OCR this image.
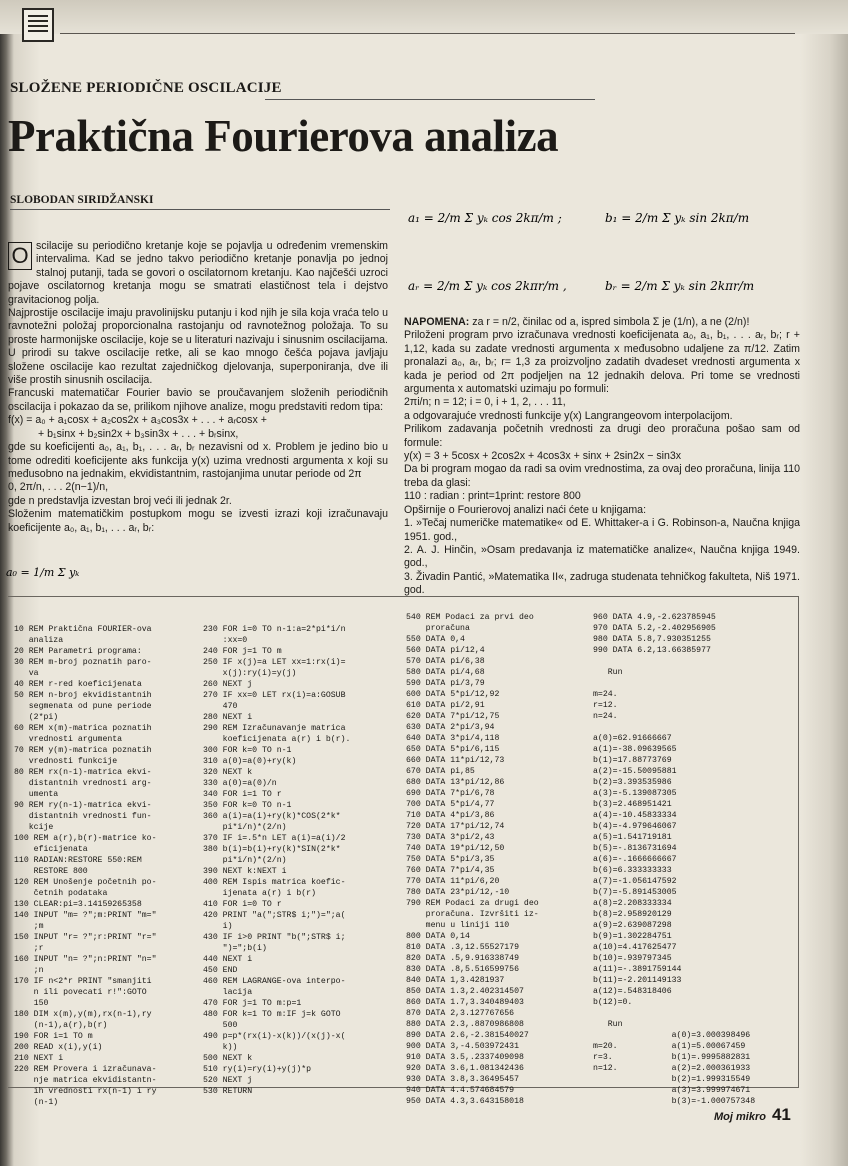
SLOŽENE PERIODIČNE OSCILACIJE
Praktična Fourierova analiza
SLOBODAN SIRIDŽANSKI
O scilacije su periodično kretanje koje se pojavlja u određenim vremenskim intervalima. Kad se jedno takvo periodično kretanje ponavlja po jednoj stalnoj putanji, tada se govori o oscilatornom kretanju. Kao najčešći uzroci pojave oscilatornog kretanja mogu se smatrati elastičnost tela i dejstvo gravitacionog polja.

Najprostije oscilacije imaju pravolinijsku putanju i kod njih je sila koja vraća telo u ravnotežni položaj proporcionalna rastojanju od ravnotežnog položaja. To su proste harmonijske oscilacije, koje se u literaturi nazivaju i sinusnim oscilacijama. U prirodi su takve oscilacije retke, ali se kao mnogo češća pojava javljaju složene oscilacije kao rezultat zajedničkog djelovanja, superponiranja, dve ili više prostih sinusnih oscilacija.

Francuski matematičar Fourier bavio se proučavanjem složenih periodičnih oscilacija i pokazao da se, prilikom njihove analize, mogu predstaviti redom tipa:

f(x) = a₀ + a₁cosx + a₂cos2x + a₃cos3x + . . . + aᵣcosx +

+ b₁sinx + b₂sin2x + b₃sin3x + . . . + bᵣsinx,

gde su koeficijenti a₀, a₁, b₁, . . . aᵣ, bᵣ nezavisni od x. Problem je jedino bio u tome odrediti koeficijente aks funkcija y(x) uzima vrednosti argumenta x koji su međusobno na jednakim, ekvidistantnim, rastojanjima unutar periode od 2π

0, 2π/n, . . . 2(n−1)/n,

gde n predstavlja izvestan broj veći ili jednak 2r.

Složenim matematičkim postupkom mogu se izvesti izrazi koji izračunavaju koeficijente a₀, a₁, b₁, . . . aᵣ, bᵣ:

a₀ = 1/m Σ yₖ
a₁ = 2/m Σ yₖ cos 2kπ/m ;	b₁ = 2/m Σ yₖ sin 2kπ/m
aᵣ = 2/m Σ yₖ cos 2kπr/m ,	bᵣ = 2/m Σ yₖ sin 2kπr/m

NAPOMENA: za r = n/2, činilac od a, ispred simbola Σ je (1/n), a ne (2/n)!

Priloženi program prvo izračunava vrednosti koeficijenata a₀, a₁, b₁, . . . aᵣ, bᵣ; r + 1,12, kada su zadate vrednosti argumenta x međusobno udaljene za π/12. Zatim pronalazi a₀, aᵣ, bᵣ; r= 1,3 za proizvoljno zadatih dvadeset vrednosti argumenta x kada je period od 2π podjeljen na 12 jednakih delova. Pri tome se vrednosti argumenta x automatski uzimaju po formuli:

2πi/n; n = 12; i = 0, i + 1, 2, . . . 11,

a odgovarajuće vrednosti funkcije y(x) Langrangeovom interpolacijom.

Prilikom zadavanja početnih vrednosti za drugi deo proračuna pošao sam od formule:

y(x) = 3 + 5cosx + 2cos2x + 4cos3x + sinx + 2sin2x − sin3x

Da bi program mogao da radi sa ovim vrednostima, za ovaj deo proračuna, linija 110 treba da glasi:

110 : radian : print=1print: restore 800

Opširnije o Fourierovoj analizi naći ćete u knjigama:

1. »Tečaj numeričke matematike« od E. Whittaker-a i G. Robinson-a, Naučna knjiga 1951. god.,

2. A. J. Hinčin, »Osam predavanja iz matematičke analize«, Naučna knjiga 1949. god.,

3. Živadin Pantić, »Matematika II«, zadruga studenata tehničkog fakulteta, Niš 1971. god.

10 REM Praktična FOURIER-ova
analiza
20 REM Parametri programa:
30 REM m-broj poznatih paro-
va
40 REM r-red koeficijenata
50 REM n-broj ekvidistantnih
segmenata od pune periode
(2*pi)
60 REM x(m)-matrica poznatih
vrednosti argumenta
70 REM y(m)-matrica poznatih
vrednosti funkcije
80 REM rx(n-1)-matrica ekvi-
distantnih vrednosti arg-
umenta
90 REM ry(n-1)-matrica ekvi-
distantnih vrednosti fun-
kcije
100 REM a(r),b(r)-matrice ko-
eficijenata
110 RADIAN:RESTORE 550:REM
RESTORE 800
120 REM Unošenje početnih po-
četnih podataka
130 CLEAR:pi=3.14159265358
140 INPUT "m= ?";m:PRINT "m="
;m
150 INPUT "r= ?";r:PRINT "r="
;r
160 INPUT "n= ?";n:PRINT "n="
;n
170 IF n<2*r PRINT "smanjiti
n ili povecati r!":GOTO
150
180 DIM x(m),y(m),rx(n-1),ry
(n-1),a(r),b(r)
190 FOR i=1 TO m
200 READ x(i),y(i)
210 NEXT i
220 REM Provera i izračunava-
nje matrica ekvidistantn-
ih vrednosti rx(n-1) i ry
(n-1)
230 FOR i=0 TO n-1:a=2*pi*i/n
:xx=0
240 FOR j=1 TO m
250 IF x(j)=a LET xx=1:rx(i)=
x(j):ry(i)=y(j)
260 NEXT j
270 IF xx=0 LET rx(i)=a:GOSUB
470
280 NEXT i
290 REM Izračunavanje matrica
koeficijenata a(r) i b(r).
300 FOR k=0 TO n-1
310 a(0)=a(0)+ry(k)
320 NEXT k
330 a(0)=a(0)/n
340 FOR i=1 TO r
350 FOR k=0 TO n-1
360 a(i)=a(i)+ry(k)*COS(2*k*
pi*i/n)*(2/n)
370 IF i=.5*n LET a(i)=a(i)/2
380 b(i)=b(i)+ry(k)*SIN(2*k*
pi*i/n)*(2/n)
390 NEXT k:NEXT i
400 REM Ispis matrica koefic-
ijenata a(r) i b(r)
410 FOR i=0 TO r
420 PRINT "a(";STR$ i;")=";a(
i)
430 IF i>0 PRINT "b(";STR$ i;
")=";b(i)
440 NEXT i
450 END
460 REM LAGRANGE-ova interpo-
lacija
470 FOR j=1 TO m:p=1
480 FOR k=1 TO m:IF j=k GOTO
500
490 p=p*(rx(i)-x(k))/(x(j)-x(
k))
500 NEXT k
510 ry(i)=ry(i)+y(j)*p
520 NEXT j
530 RETURN
540 REM Podaci za prvi deo
proračuna
550 DATA 0,4
560 DATA pi/12,4
570 DATA pi/6,38
580 DATA pi/4,68
590 DATA pi/3,79
600 DATA 5*pi/12,92
610 DATA pi/2,91
620 DATA 7*pi/12,75
630 DATA 2*pi/3,94
640 DATA 3*pi/4,118
650 DATA 5*pi/6,115
660 DATA 11*pi/12,73
670 DATA pi,85
680 DATA 13*pi/12,86
690 DATA 7*pi/6,78
700 DATA 5*pi/4,77
710 DATA 4*pi/3,86
720 DATA 17*pi/12,74
730 DATA 3*pi/2,43
740 DATA 19*pi/12,50
750 DATA 5*pi/3,35
760 DATA 7*pi/4,35
770 DATA 11*pi/6,20
780 DATA 23*pi/12,-10
790 REM Podaci za drugi deo
proračuna. Izvršiti iz-
menu u liniji 110
800 DATA 0,14
810 DATA .3,12.55527179
820 DATA .5,9.916338749
830 DATA .8,5.516599756
840 DATA 1,3.4281937
850 DATA 1.3,2.402314507
860 DATA 1.7,3.340489403
870 DATA 2,3.127767656
880 DATA 2.3,.8870986808
890 DATA 2.6,-2.381540027
900 DATA 3,-4.503972431
910 DATA 3.5,.2337409098
920 DATA 3.6,1.081342436
930 DATA 3.8,3.36495457
940 DATA 4.4.574684579
950 DATA 4.3,3.643158018
960 DATA 4.9,-2.623785945
970 DATA 5.2,-2.402956905
980 DATA 5.8,7.930351255
990 DATA 6.2,13.66385977

Run

m=24.
r=12.
n=24.

a(0)=62.91666667
a(1)=-38.09639565
b(1)=17.88773769
a(2)=-15.50095881
b(2)=3.393535986
a(3)=-5.139087305
b(3)=2.468951421
a(4)=-10.45833334
b(4)=-4.979646067
a(5)=1.541719181
b(5)=-.8136731694
a(6)=-.1666666667
b(6)=6.333333333
a(7)=-1.056147592
b(7)=-5.891453005
a(8)=2.208333334
b(8)=2.958920129
a(9)=2.639087298
b(9)=1.302284751
a(10)=4.417625477
b(10)=.939797345
a(11)=-.3891759144
b(11)=-2.201149133
a(12)=.548318406
b(12)=0.

Run
a(0)=3.000398496
m=20.           a(1)=5.00067459
r=3.            b(1)=.9995882831
n=12.           a(2)=2.000361933
b(2)=1.999315549
a(3)=3.999974671
b(3)=-1.000757348
Moj mikro 41
